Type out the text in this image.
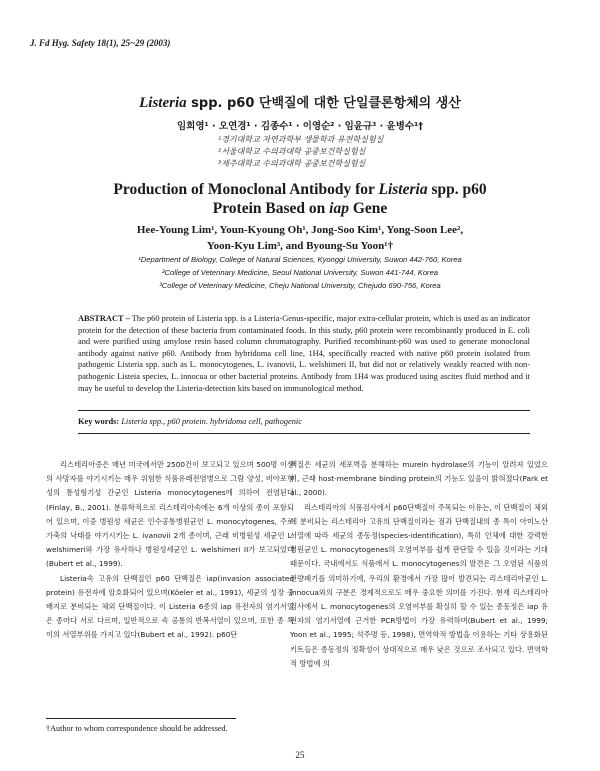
J. Fd Hyg. Safety 18(1), 25~29 (2003)
Listeria spp. p60 단백질에 대한 단일클론항체의 생산
임희영¹ · 오연경¹ · 김종수¹ · 이영순² · 임윤규³ · 윤병수¹†
¹경기대학교 자연과학부 생물학과 유전학실험실
²서울대학교 수의과대학 공중보건학실험실
³제주대학교 수의과대학 공중보건학실험실
Production of Monoclonal Antibody for Listeria spp. p60
Protein Based on iap Gene
Hee-Young Lim¹, Youn-Kyoung Oh¹, Jong-Soo Kim¹, Yong-Soon Lee²,
Yoon-Kyu Lim³, and Byoung-Su Yoon¹†
¹Department of Biology, College of Natural Sciences, Kyonggi University, Suwon 442-760, Korea
²College of Veterinary Medicine, Seoul National University, Suwon 441-744, Korea
³College of Veterinary Medicine, Cheju National University, Chejudo 690-756, Korea
ABSTRACT – The p60 protein of Listeria spp. is a Listeria-Genus-specific, major extra-cellular protein, which is used as an indicator protein for the detection of these bacteria from contaminated foods. In this study, p60 protein were recombinantly produced in E. coli and were purified using amylose resin based column chromatography. Purified recombinant-p60 was used to generate monoclonal antibody against native p60. Antibody from hybridoma cell line, 1H4, specifically reacted with native p60 protein isolated from pathogenic Listeria spp. such as L. monocytogenes, L. ivanovii, L. welshimeri II, but did not or relatively weakly reacted with non-pathogenic Listeia species, L. innocua or other bacterial proteins. Antibody from 1H4 was produced using ascites fluid method and it may be useful to develop the Listeria-detection kits based on immunological method.
Key words: Listeria spp., p60 protein. hybridoma cell, pathogenic

리스테리아증은 매년 미국에서만 2500건이 보고되고 있으며 500명 이상의 사망자를 야기시키는 매우 위험한 식품유래전염병으로 그람 양성, 비아포형성의 통성혐기성 간균인 Listeria monocytogenes에 의하여 전염된다(Finlay, B., 2001). 분류학적으로 리스테리아속에는 6개 이상의 종이 포함되어 있으며, 이중 병원성 세균은 인수공통병원균인 L. monocytogenes, 주로 가축의 낙태를 야기시키는 L. ivanovii 2개 종이며, 근래 비병원성 세균인 L. welshimeri와 가장 유사하나 병원성세균인 L. welshimeri II가 보고되었다(Bubert et al., 1999).

Listeria속 고유의 단백질인 p60 단백질은 iap(invasion associated protein) 유전자에 암호화되어 있으며(Köeler et al., 1991), 세균의 성장 중 배지로 분비되는 체외 단백질이다. 이 Listeria 6종의 iap 유전자의 염기서열은 종마다 서로 다르며, 일반적으로 속 공통의 반복서열이 있으며, 또한 종 특이의 서열부위를 가지고 있다(Bubert et al., 1992). p60단

백질은 세균의 세포벽을 분해하는 murein hydrolase의 기능이 알려져 있었으며, 근래 host-membrane binding protein의 기능도 있음이 밝혀졌다(Park et al., 2000).

리스테리아의 식품검사에서 p60단백질이 주목되는 이유는, 이 단백질이 체외에 분비되는 리스테리아 고유의 단백질이라는 점과 단백질내의 종 특이 아미노산서열에 따라 세균의 종동정(species-identification), 특히 인체에 대한 강력한 병원균인 L. monocytogenes의 오염여부를 쉽게 판단할 수 있을 것이라는 기대 때문이다. 국내에서도 식품에서 L. monocytogenes의 발견은 그 오염된 식품의 전량폐기를 의미하기에, 우리의 환경에서 가장 많이 발견되는 리스테리아균인 L. innocua와의 구분은 경제적으로도 매우 중요한 의미를 가진다. 현재 리스테리아 검사에서 L. monocytogenes의 오염여부를 확실히 할 수 있는 종동정은 iap 유전자의 염기서열에 근거한 PCR방법이 가장 유력하며(Bubert et al., 1999; Yoon et al., 1995; 석주명 등, 1998), 면역학적 방법을 이용하는 기타 상용화된 키트들은 종동정의 정확성이 상대적으로 매우 낮은 것으로 조사되고 있다. 면역학적 방법에 의

†Author to whom correspondence should be addressed.
25
